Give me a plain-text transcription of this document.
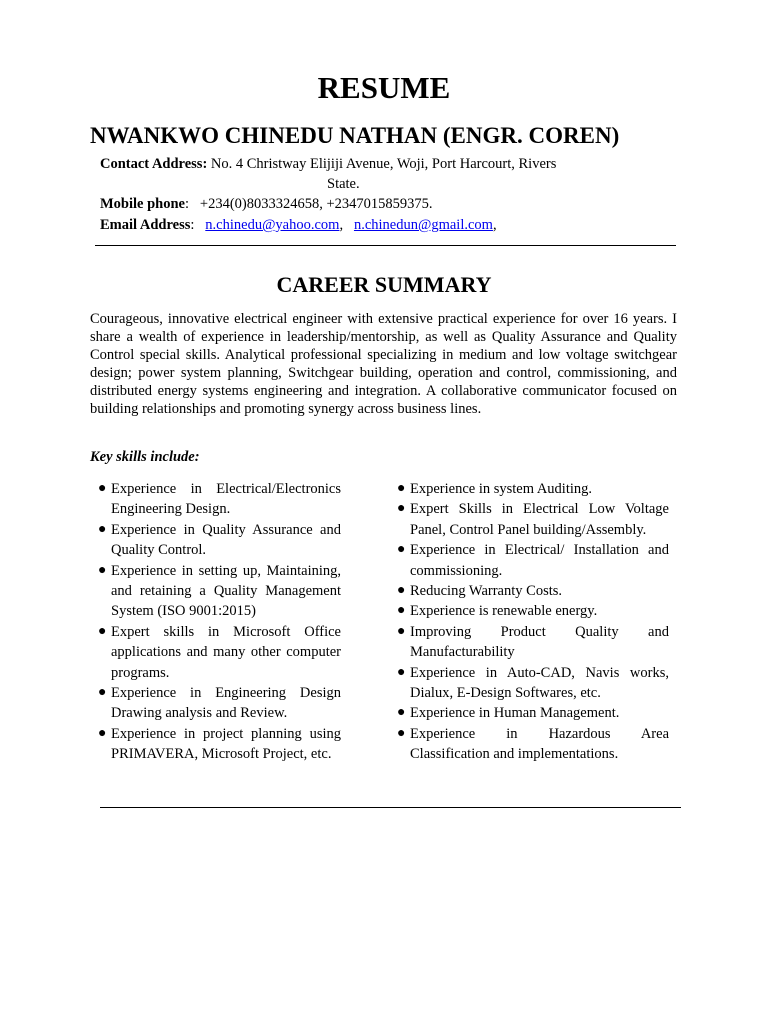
RESUME
NWANKWO CHINEDU NATHAN (ENGR. COREN)
Contact Address: No. 4 Christway Elijiji Avenue, Woji, Port Harcourt, Rivers
State.
Mobile phone: +234(0)8033324658, +2347015859375.
Email Address: n.chinedu@yahoo.com, n.chinedun@gmail.com,
CAREER SUMMARY
Courageous, innovative electrical engineer with extensive practical experience for over 16 years. I share a wealth of experience in leadership/mentorship, as well as Quality Assurance and Quality Control special skills. Analytical professional specializing in medium and low voltage switchgear design; power system planning, Switchgear building, operation and control, commissioning, and distributed energy systems engineering and integration. A collaborative communicator focused on building relationships and promoting synergy across business lines.
Key skills include:
● Experience in Electrical/Electronics Engineering Design.
● Experience in Quality Assurance and Quality Control.
● Experience in setting up, Maintaining, and retaining a Quality Management System (ISO 9001:2015)
● Expert skills in Microsoft Office applications and many other computer programs.
● Experience in Engineering Design Drawing analysis and Review.
● Experience in project planning using PRIMAVERA, Microsoft Project, etc.
● Experience in system Auditing.
● Expert Skills in Electrical Low Voltage Panel, Control Panel building/Assembly.
● Experience in Electrical/ Installation and commissioning.
● Reducing Warranty Costs.
● Experience is renewable energy.
● Improving Product Quality and Manufacturability
● Experience in Auto-CAD, Navis works, Dialux, E-Design Softwares, etc.
● Experience in Human Management.
● Experience in Hazardous Area Classification and implementations.
